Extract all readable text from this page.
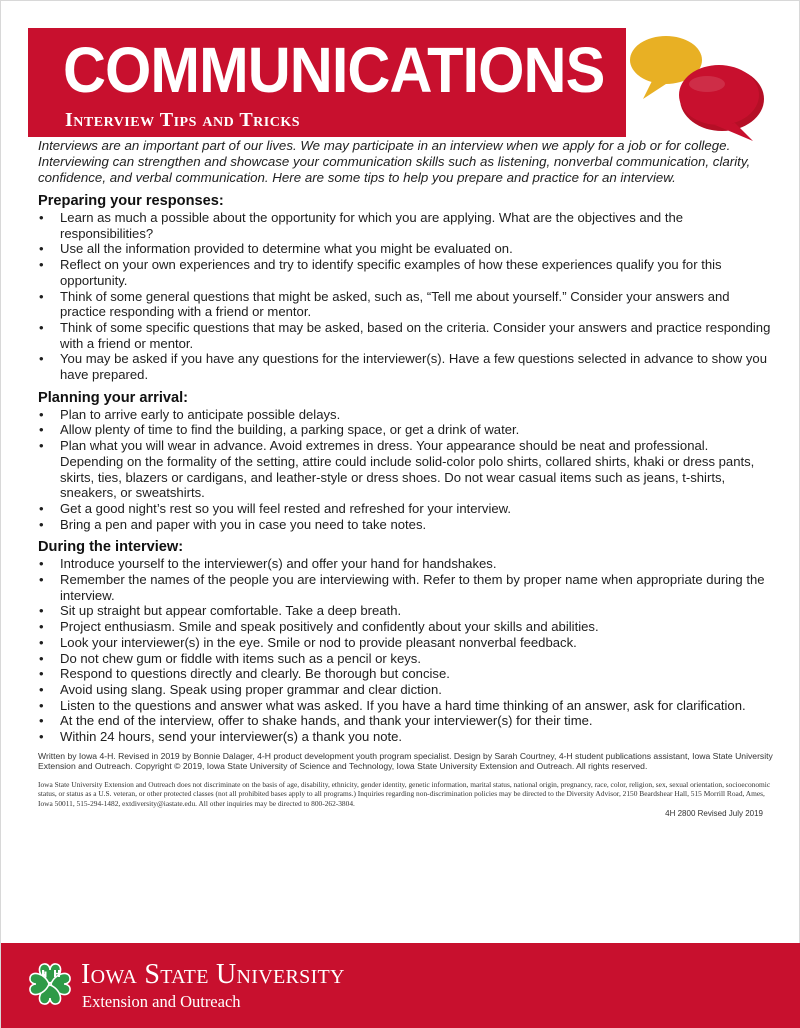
COMMUNICATIONS
Interview Tips and Tricks

Interviews are an important part of our lives. We may participate in an interview when we apply for a job or for college. Interviewing can strengthen and showcase your communication skills such as listening, nonverbal communication, clarity, confidence, and verbal communication. Here are some tips to help you prepare and practice for an interview.

Preparing your responses:
• Learn as much a possible about the opportunity for which you are applying. What are the objectives and the responsibilities?
• Use all the information provided to determine what you might be evaluated on.
• Reflect on your own experiences and try to identify specific examples of how these experiences qualify you for this opportunity.
• Think of some general questions that might be asked, such as, “Tell me about yourself.” Consider your answers and practice responding with a friend or mentor.
• Think of some specific questions that may be asked, based on the criteria. Consider your answers and practice responding with a friend or mentor.
• You may be asked if you have any questions for the interviewer(s). Have a few questions selected in advance to show you have prepared.
Planning your arrival:
• Plan to arrive early to anticipate possible delays.
• Allow plenty of time to find the building, a parking space, or get a drink of water.
• Plan what you will wear in advance. Avoid extremes in dress. Your appearance should be neat and professional. Depending on the formality of the setting, attire could include solid-color polo shirts, collared shirts, khaki or dress pants, skirts, ties, blazers or cardigans, and leather-style or dress shoes. Do not wear casual items such as jeans, t-shirts, sneakers, or sweatshirts.
• Get a good night’s rest so you will feel rested and refreshed for your interview.
• Bring a pen and paper with you in case you need to take notes.
During the interview:
• Introduce yourself to the interviewer(s) and offer your hand for handshakes.
• Remember the names of the people you are interviewing with. Refer to them by proper name when appropriate during the interview.
• Sit up straight but appear comfortable. Take a deep breath.
• Project enthusiasm. Smile and speak positively and confidently about your skills and abilities.
• Look your interviewer(s) in the eye. Smile or nod to provide pleasant nonverbal feedback.
• Do not chew gum or fiddle with items such as a pencil or keys.
• Respond to questions directly and clearly. Be thorough but concise.
• Avoid using slang. Speak using proper grammar and clear diction.
• Listen to the questions and answer what was asked. If you have a hard time thinking of an answer, ask for clarification.
• At the end of the interview, offer to shake hands, and thank your interviewer(s) for their time.
• Within 24 hours, send your interviewer(s) a thank you note.

Written by Iowa 4-H. Revised in 2019 by Bonnie Dalager, 4-H product development youth program specialist. Design by Sarah Courtney, 4-H student publications assistant, Iowa State University Extension and Outreach. Copyright © 2019, Iowa State University of Science and Technology, Iowa State University Extension and Outreach. All rights reserved.

Iowa State University Extension and Outreach does not discriminate on the basis of age, disability, ethnicity, gender identity, genetic information, marital status, national origin, pregnancy, race, color, religion, sex, sexual orientation, socioeconomic status, or status as a U.S. veteran, or other protected classes (not all prohibited bases apply to all programs.) Inquiries regarding non-discrimination policies may be directed to the Diversity Advisor, 2150 Beardshear Hall, 515 Morrill Road, Ames, Iowa 50011, 515-294-1482, extdiversity@iastate.edu. All other inquiries may be directed to 800-262-3804.

4H 2800 Revised July 2019

Iowa State University
Extension and Outreach
